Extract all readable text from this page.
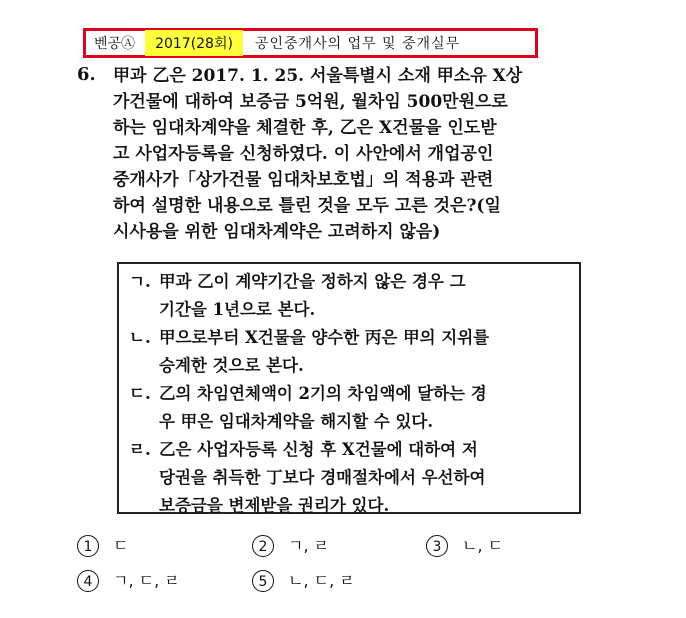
벤공Ⓐ	2017(28회)	공인중개사의 업무 및 중개실무
6. 甲과 乙은 2017. 1. 25. 서울특별시 소재 甲소유 X상
가건물에 대하여 보증금 5억원, 월차임 500만원으로
하는 임대차계약을 체결한 후, 乙은 X건물을 인도받
고 사업자등록을 신청하였다. 이 사안에서 개업공인
중개사가「상가건물 임대차보호법」의 적용과 관련
하여 설명한 내용으로 틀린 것을 모두 고른 것은?(일
시사용을 위한 임대차계약은 고려하지 않음)
ㄱ. 甲과 乙이 계약기간을 정하지 않은 경우 그
기간을 1년으로 본다.
ㄴ. 甲으로부터 X건물을 양수한 丙은 甲의 지위를
승계한 것으로 본다.
ㄷ. 乙의 차임연체액이 2기의 차임액에 달하는 경
우 甲은 임대차계약을 해지할 수 있다.
ㄹ. 乙은 사업자등록 신청 후 X건물에 대하여 저
당권을 취득한 丁보다 경매절차에서 우선하여
보증금을 변제받을 권리가 있다.
1 ㄷ	2 ㄱ, ㄹ	3 ㄴ, ㄷ
4 ㄱ, ㄷ, ㄹ	5 ㄴ, ㄷ, ㄹ
